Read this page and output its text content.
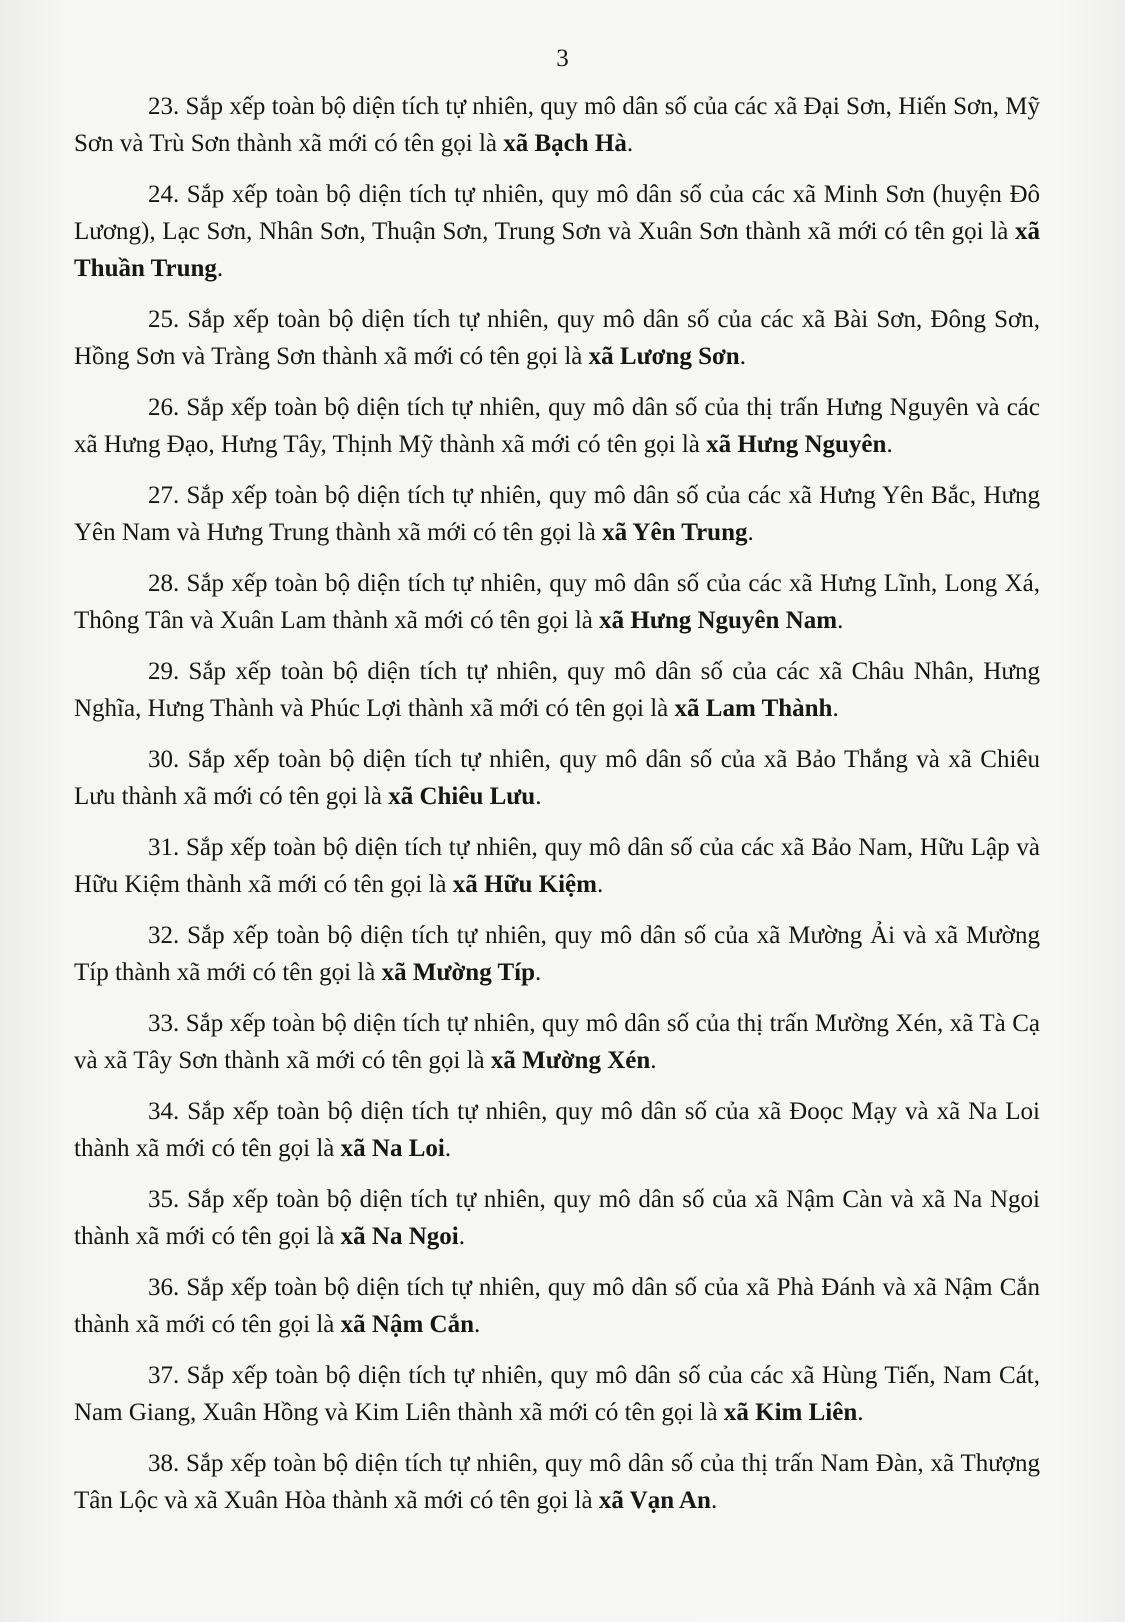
3

23. Sắp xếp toàn bộ diện tích tự nhiên, quy mô dân số của các xã Đại Sơn, Hiến Sơn, Mỹ Sơn và Trù Sơn thành xã mới có tên gọi là xã Bạch Hà.

24. Sắp xếp toàn bộ diện tích tự nhiên, quy mô dân số của các xã Minh Sơn (huyện Đô Lương), Lạc Sơn, Nhân Sơn, Thuận Sơn, Trung Sơn và Xuân Sơn thành xã mới có tên gọi là xã Thuần Trung.

25. Sắp xếp toàn bộ diện tích tự nhiên, quy mô dân số của các xã Bài Sơn, Đông Sơn, Hồng Sơn và Tràng Sơn thành xã mới có tên gọi là xã Lương Sơn.

26. Sắp xếp toàn bộ diện tích tự nhiên, quy mô dân số của thị trấn Hưng Nguyên và các xã Hưng Đạo, Hưng Tây, Thịnh Mỹ thành xã mới có tên gọi là xã Hưng Nguyên.

27. Sắp xếp toàn bộ diện tích tự nhiên, quy mô dân số của các xã Hưng Yên Bắc, Hưng Yên Nam và Hưng Trung thành xã mới có tên gọi là xã Yên Trung.

28. Sắp xếp toàn bộ diện tích tự nhiên, quy mô dân số của các xã Hưng Lĩnh, Long Xá, Thông Tân và Xuân Lam thành xã mới có tên gọi là xã Hưng Nguyên Nam.

29. Sắp xếp toàn bộ diện tích tự nhiên, quy mô dân số của các xã Châu Nhân, Hưng Nghĩa, Hưng Thành và Phúc Lợi thành xã mới có tên gọi là xã Lam Thành.

30. Sắp xếp toàn bộ diện tích tự nhiên, quy mô dân số của xã Bảo Thắng và xã Chiêu Lưu thành xã mới có tên gọi là xã Chiêu Lưu.

31. Sắp xếp toàn bộ diện tích tự nhiên, quy mô dân số của các xã Bảo Nam, Hữu Lập và Hữu Kiệm thành xã mới có tên gọi là xã Hữu Kiệm.

32. Sắp xếp toàn bộ diện tích tự nhiên, quy mô dân số của xã Mường Ải và xã Mường Típ thành xã mới có tên gọi là xã Mường Típ.

33. Sắp xếp toàn bộ diện tích tự nhiên, quy mô dân số của thị trấn Mường Xén, xã Tà Cạ và xã Tây Sơn thành xã mới có tên gọi là xã Mường Xén.

34. Sắp xếp toàn bộ diện tích tự nhiên, quy mô dân số của xã Đoọc Mạy và xã Na Loi thành xã mới có tên gọi là xã Na Loi.

35. Sắp xếp toàn bộ diện tích tự nhiên, quy mô dân số của xã Nậm Càn và xã Na Ngoi thành xã mới có tên gọi là xã Na Ngoi.

36. Sắp xếp toàn bộ diện tích tự nhiên, quy mô dân số của xã Phà Đánh và xã Nậm Cắn thành xã mới có tên gọi là xã Nậm Cắn.

37. Sắp xếp toàn bộ diện tích tự nhiên, quy mô dân số của các xã Hùng Tiến, Nam Cát, Nam Giang, Xuân Hồng và Kim Liên thành xã mới có tên gọi là xã Kim Liên.

38. Sắp xếp toàn bộ diện tích tự nhiên, quy mô dân số của thị trấn Nam Đàn, xã Thượng Tân Lộc và xã Xuân Hòa thành xã mới có tên gọi là xã Vạn An.
